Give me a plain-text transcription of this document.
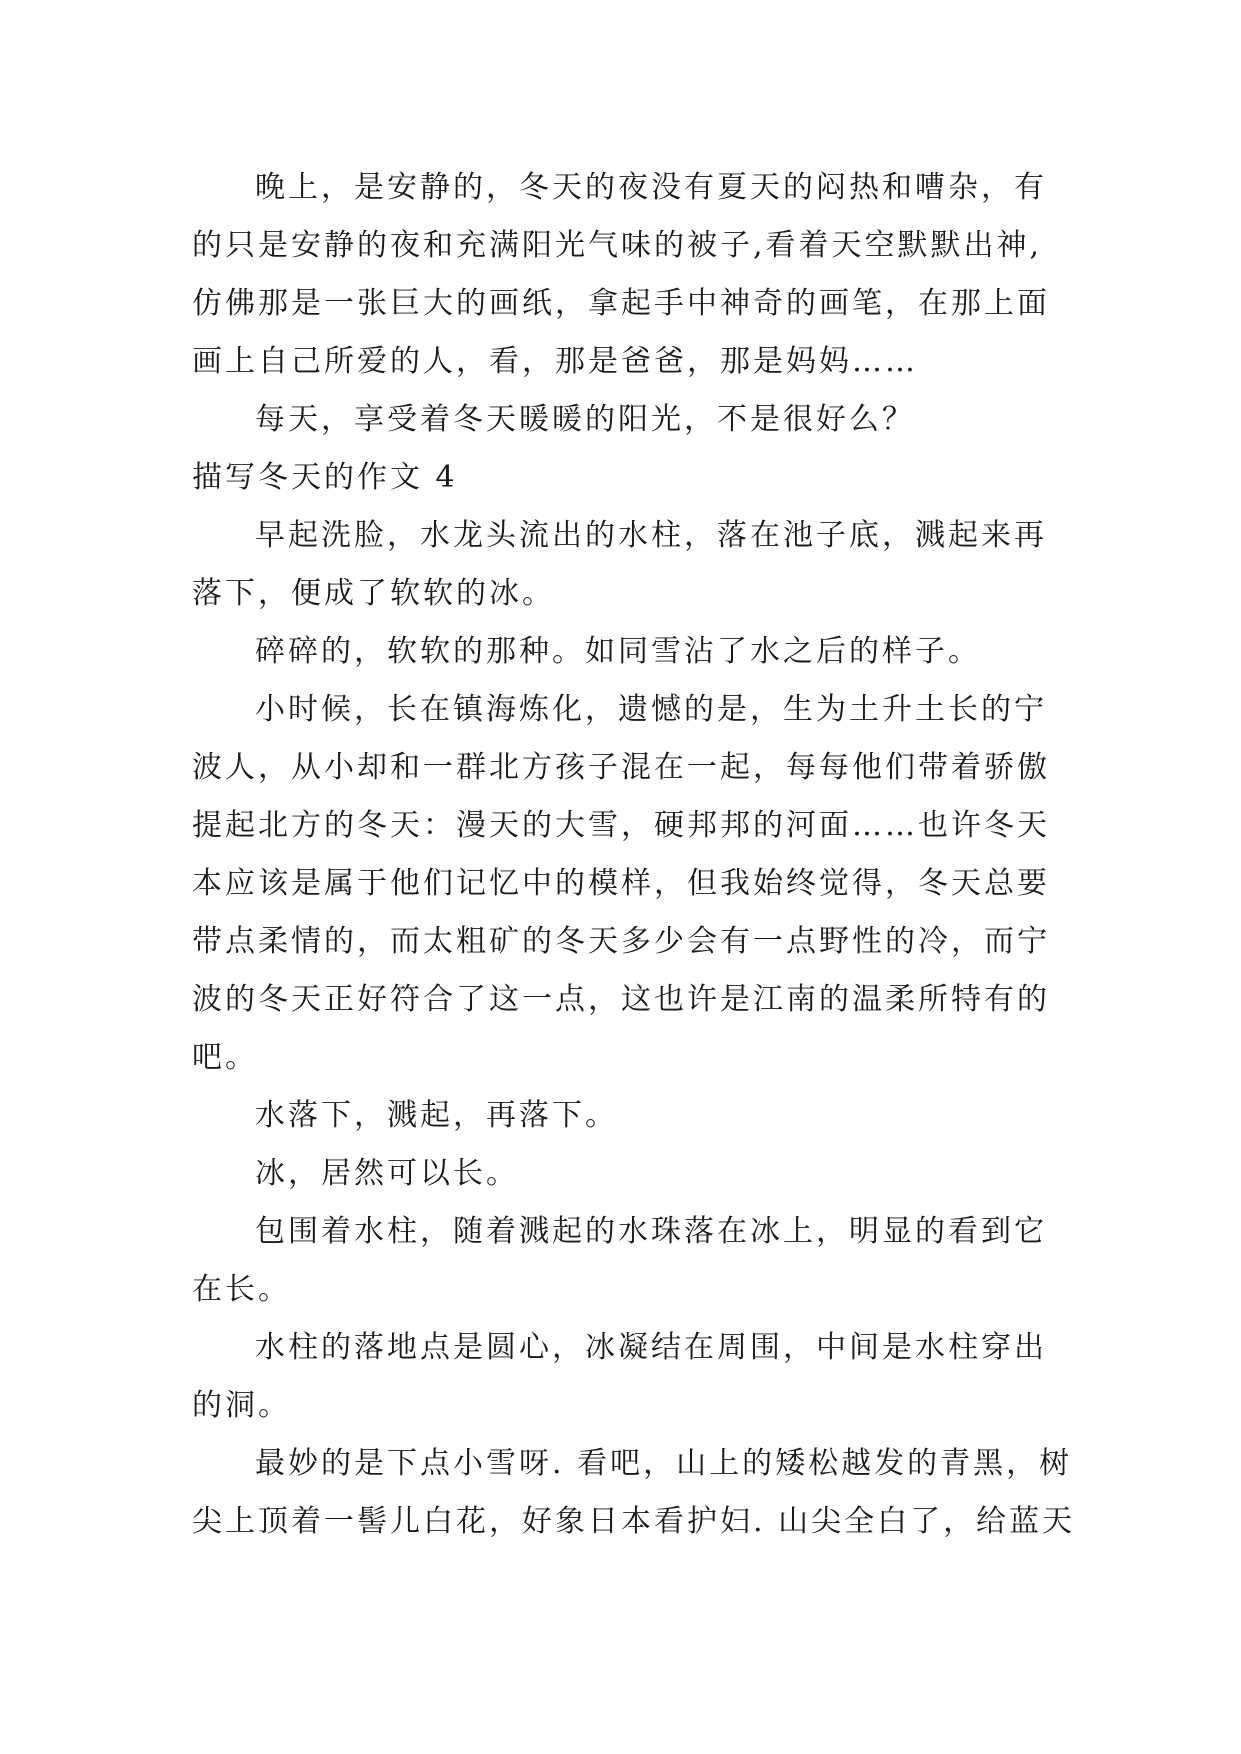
晚上，是安静的，冬天的夜没有夏天的闷热和嘈杂，有
的只是安静的夜和充满阳光气味的被子,看着天空默默出神,
仿佛那是一张巨大的画纸，拿起手中神奇的画笔，在那上面
画上自己所爱的人，看，那是爸爸，那是妈妈……
每天，享受着冬天暖暖的阳光，不是很好么？
描写冬天的作文 4
早起洗脸，水龙头流出的水柱，落在池子底，溅起来再
落下，便成了软软的冰。
碎碎的，软软的那种。如同雪沾了水之后的样子。
小时候，长在镇海炼化，遗憾的是，生为土升土长的宁
波人，从小却和一群北方孩子混在一起，每每他们带着骄傲
提起北方的冬天：漫天的大雪，硬邦邦的河面……也许冬天
本应该是属于他们记忆中的模样，但我始终觉得，冬天总要
带点柔情的，而太粗矿的冬天多少会有一点野性的冷，而宁
波的冬天正好符合了这一点，这也许是江南的温柔所特有的
吧。
水落下，溅起，再落下。
冰，居然可以长。
包围着水柱，随着溅起的水珠落在冰上，明显的看到它
在长。
水柱的落地点是圆心，冰凝结在周围，中间是水柱穿出
的洞。
最妙的是下点小雪呀. 看吧，山上的矮松越发的青黑，树
尖上顶着一髻儿白花，好象日本看护妇. 山尖全白了，给蓝天
